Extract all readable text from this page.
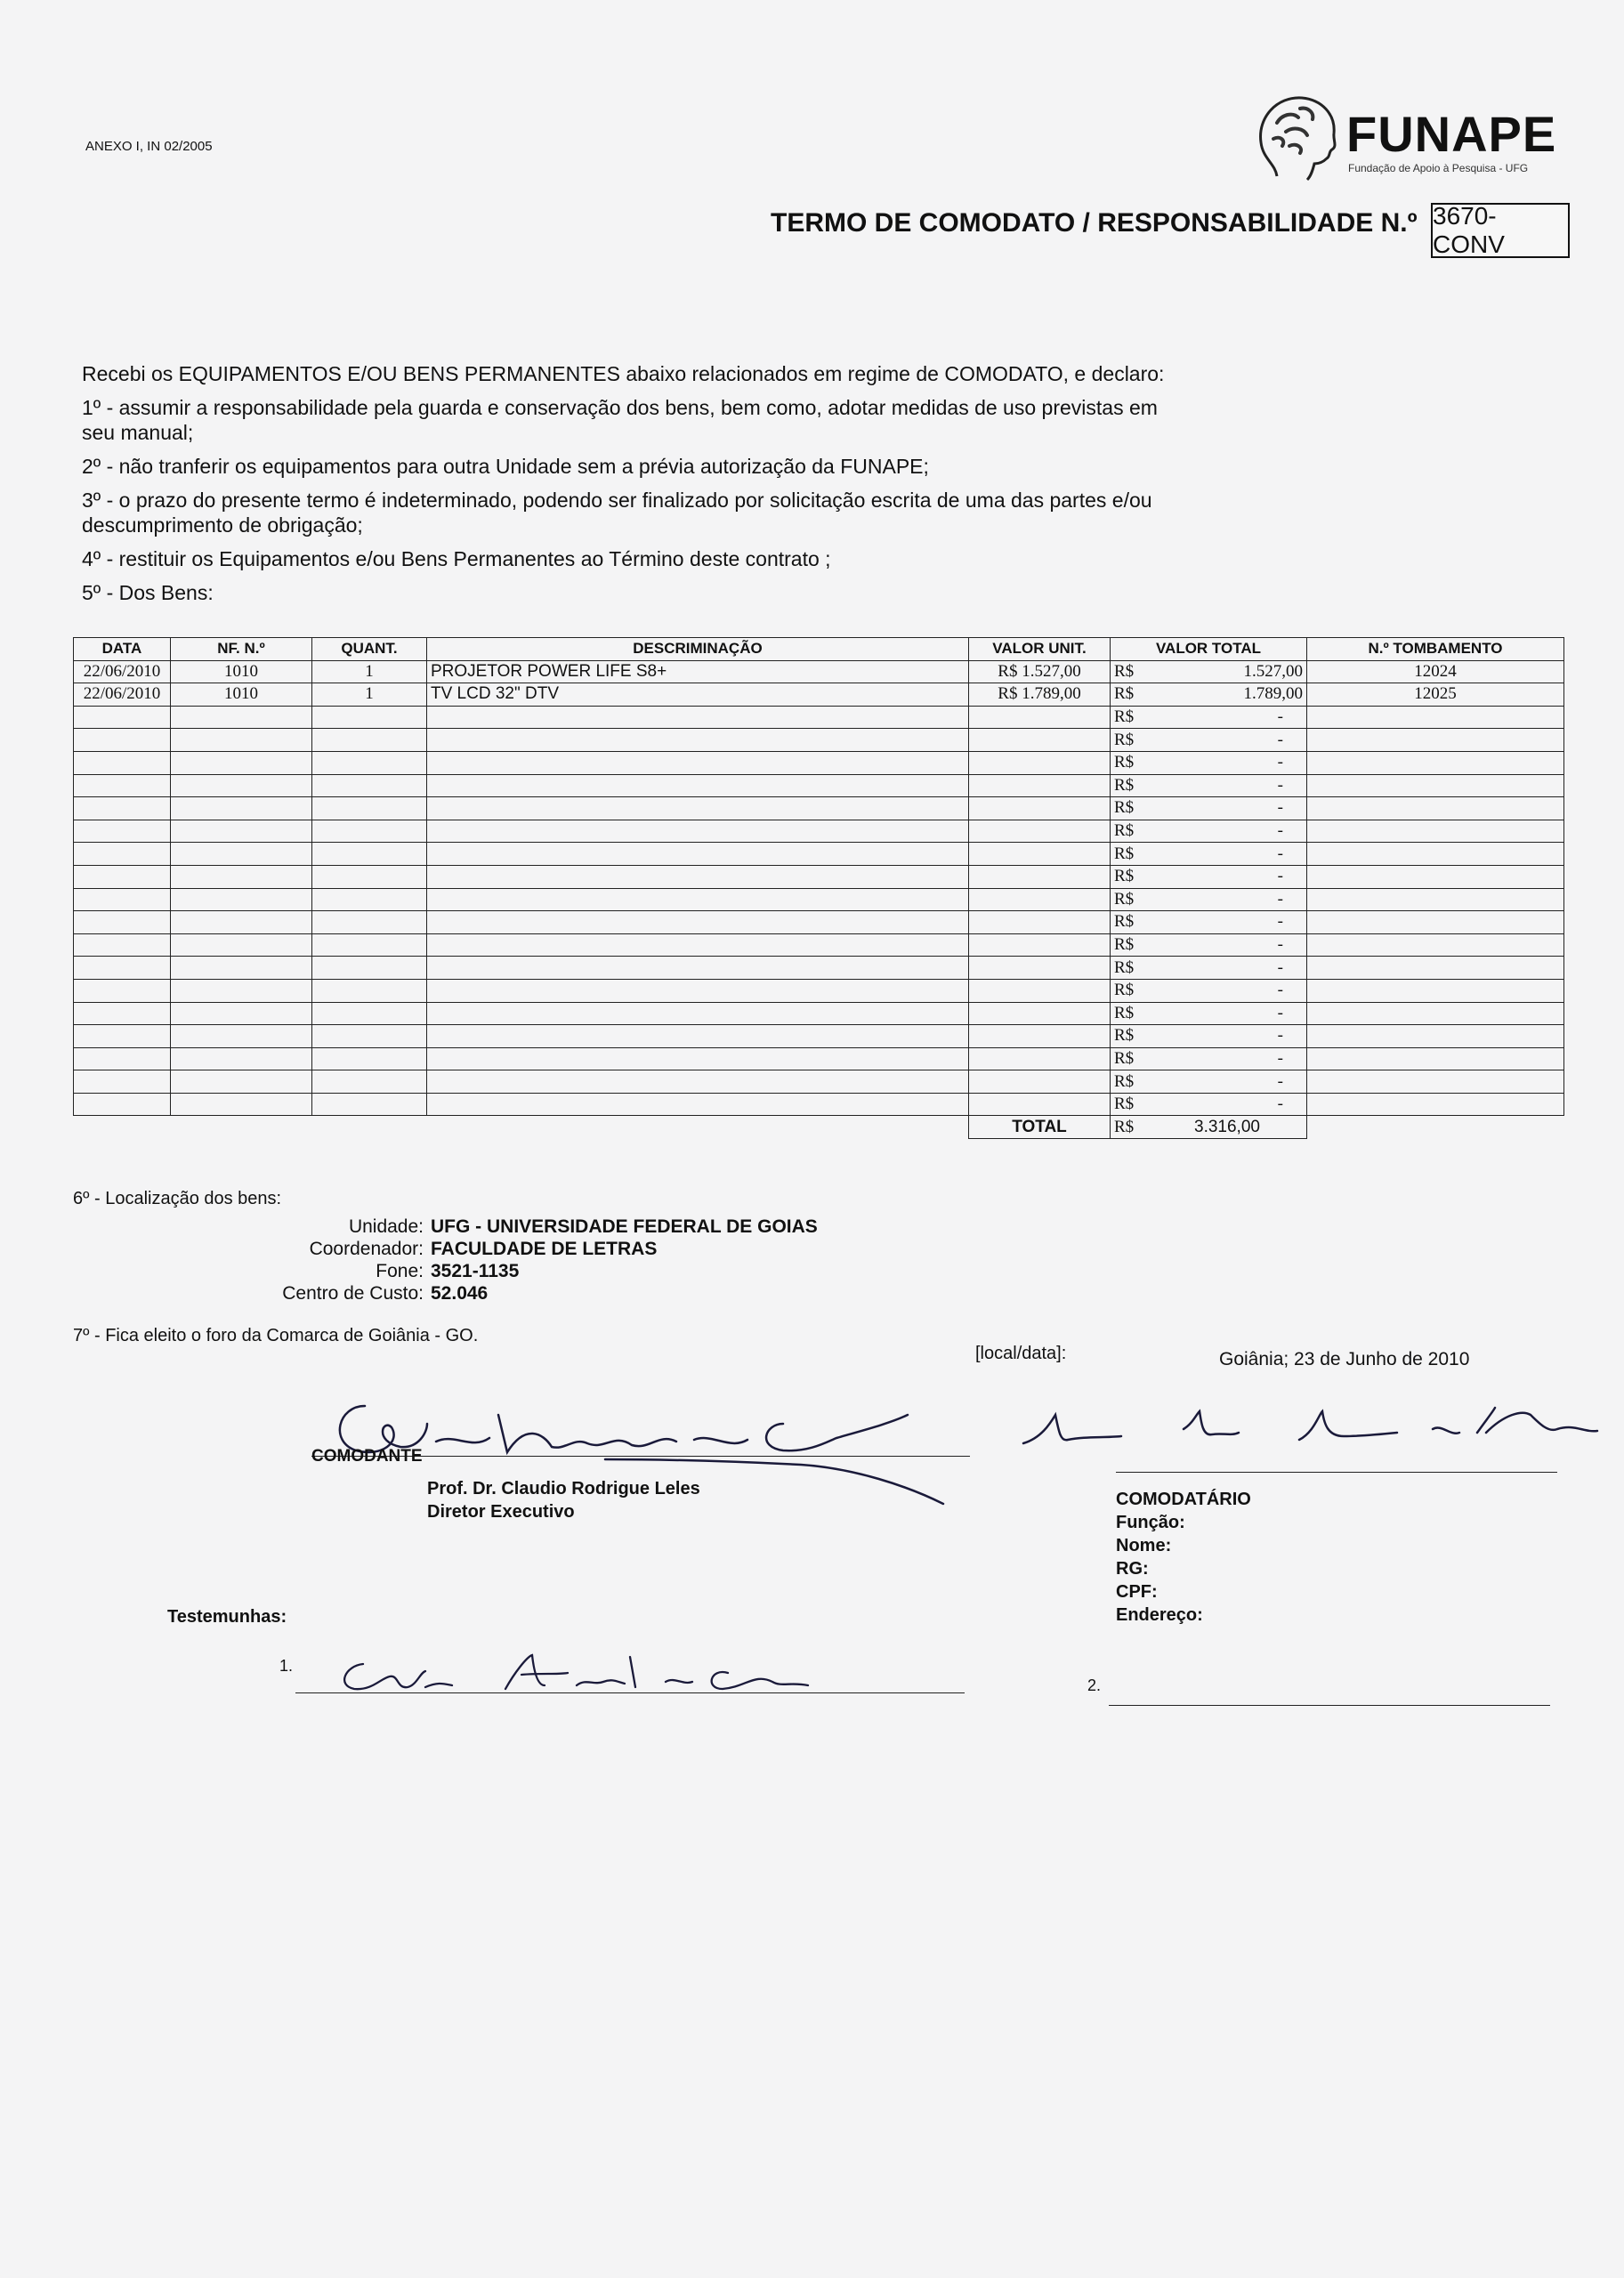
ANEXO I, IN 02/2005	FUNAPE
Fundação de Apoio à Pesquisa - UFG
TERMO DE COMODATO / RESPONSABILIDADE N.º 3670-CONV

Recebi os EQUIPAMENTOS E/OU BENS PERMANENTES abaixo relacionados em regime de COMODATO, e declaro:

1º - assumir a responsabilidade pela guarda e conservação dos bens, bem como, adotar medidas de uso previstas em seu manual;

2º - não tranferir os equipamentos para outra Unidade sem a prévia autorização da FUNAPE;

3º - o prazo do presente termo é indeterminado, podendo ser finalizado por solicitação escrita de uma das partes e/ou descumprimento de obrigação;

4º - restituir os Equipamentos e/ou Bens Permanentes ao Término deste contrato ;

5º - Dos Bens:

DATA	NF. N.º	QUANT.	DESCRIMINAÇÃO	VALOR UNIT.	VALOR TOTAL		N.º TOMBAMENTO
22/06/2010	1010	1	PROJETOR POWER LIFE S8+	R$ 1.527,00	R$	1.527,00	12024
22/06/2010	1010	1	TV LCD 32" DTV	R$ 1.789,00	R$	1.789,00	12025
					R$	-	
					R$	-	
					R$	-	
					R$	-	
					R$	-	
					R$	-	
					R$	-	
					R$	-	
					R$	-	
					R$	-	
					R$	-	
					R$	-	
					R$	-	
					R$	-	
					R$	-	
					R$	-	
					R$	-	
					R$	-	
				TOTAL	R$	3.316,00	
6º - Localização dos bens:
Unidade: UFG - UNIVERSIDADE FEDERAL DE GOIAS
Coordenador: FACULDADE DE LETRAS
Fone: 3521-1135
Centro de Custo: 52.046
7º - Fica eleito o foro da Comarca de Goiânia - GO.
[local/data]:	Goiânia; 23 de Junho de 2010
COMODANTE
Prof. Dr. Claudio Rodrigue Leles
Diretor Executivo
COMODATÁRIO
Função:
Nome:
RG:
CPF:
Endereço:
Testemunhas:
1.
2.
